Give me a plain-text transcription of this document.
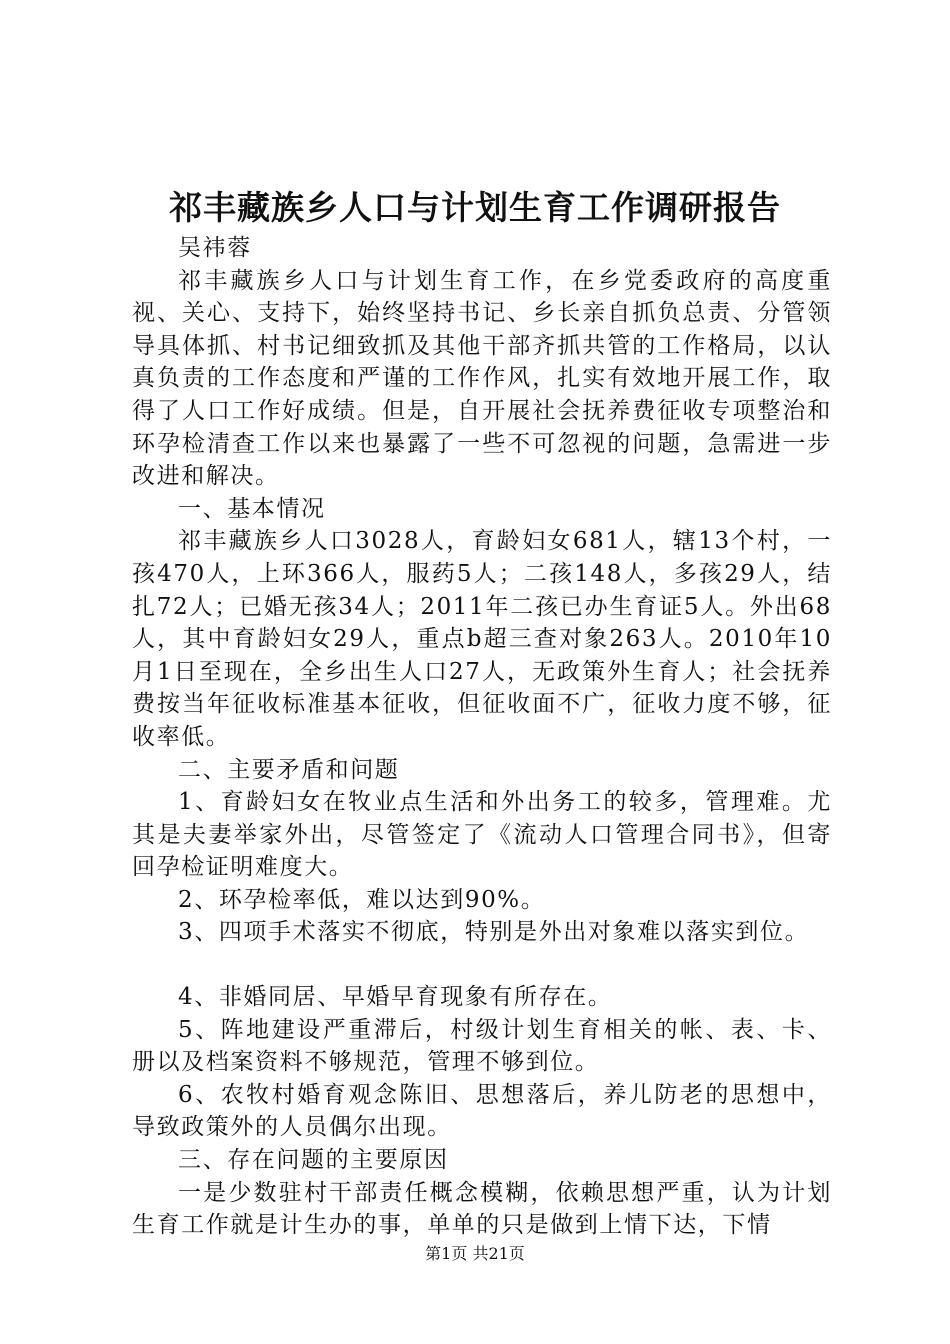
祁丰藏族乡人口与计划生育工作调研报告

吴祎蓉

祁丰藏族乡人口与计划生育工作，在乡党委政府的高度重视、关心、支持下，始终坚持书记、乡长亲自抓负总责、分管领导具体抓、村书记细致抓及其他干部齐抓共管的工作格局，以认真负责的工作态度和严谨的工作作风，扎实有效地开展工作，取得了人口工作好成绩。但是，自开展社会抚养费征收专项整治和环孕检清查工作以来也暴露了一些不可忽视的问题，急需进一步改进和解决。

一、基本情况

祁丰藏族乡人口3028人，育龄妇女681人，辖13个村，一孩470人，上环366人，服药5人；二孩148人，多孩29人，结扎72人；已婚无孩34人；2011年二孩已办生育证5人。外出68人，其中育龄妇女29人，重点b超三查对象263人。2010年10月1日至现在，全乡出生人口27人，无政策外生育人；社会抚养费按当年征收标准基本征收，但征收面不广，征收力度不够，征收率低。

二、主要矛盾和问题

1、育龄妇女在牧业点生活和外出务工的较多，管理难。尤其是夫妻举家外出，尽管签定了《流动人口管理合同书》，但寄回孕检证明难度大。

2、环孕检率低，难以达到90%。

3、四项手术落实不彻底，特别是外出对象难以落实到位。

4、非婚同居、早婚早育现象有所存在。

5、阵地建设严重滞后，村级计划生育相关的帐、表、卡、册以及档案资料不够规范，管理不够到位。

6、农牧村婚育观念陈旧、思想落后，养儿防老的思想中，导致政策外的人员偶尔出现。

三、存在问题的主要原因

一是少数驻村干部责任概念模糊，依赖思想严重，认为计划生育工作就是计生办的事，单单的只是做到上情下达，下情

第1页 共21页
